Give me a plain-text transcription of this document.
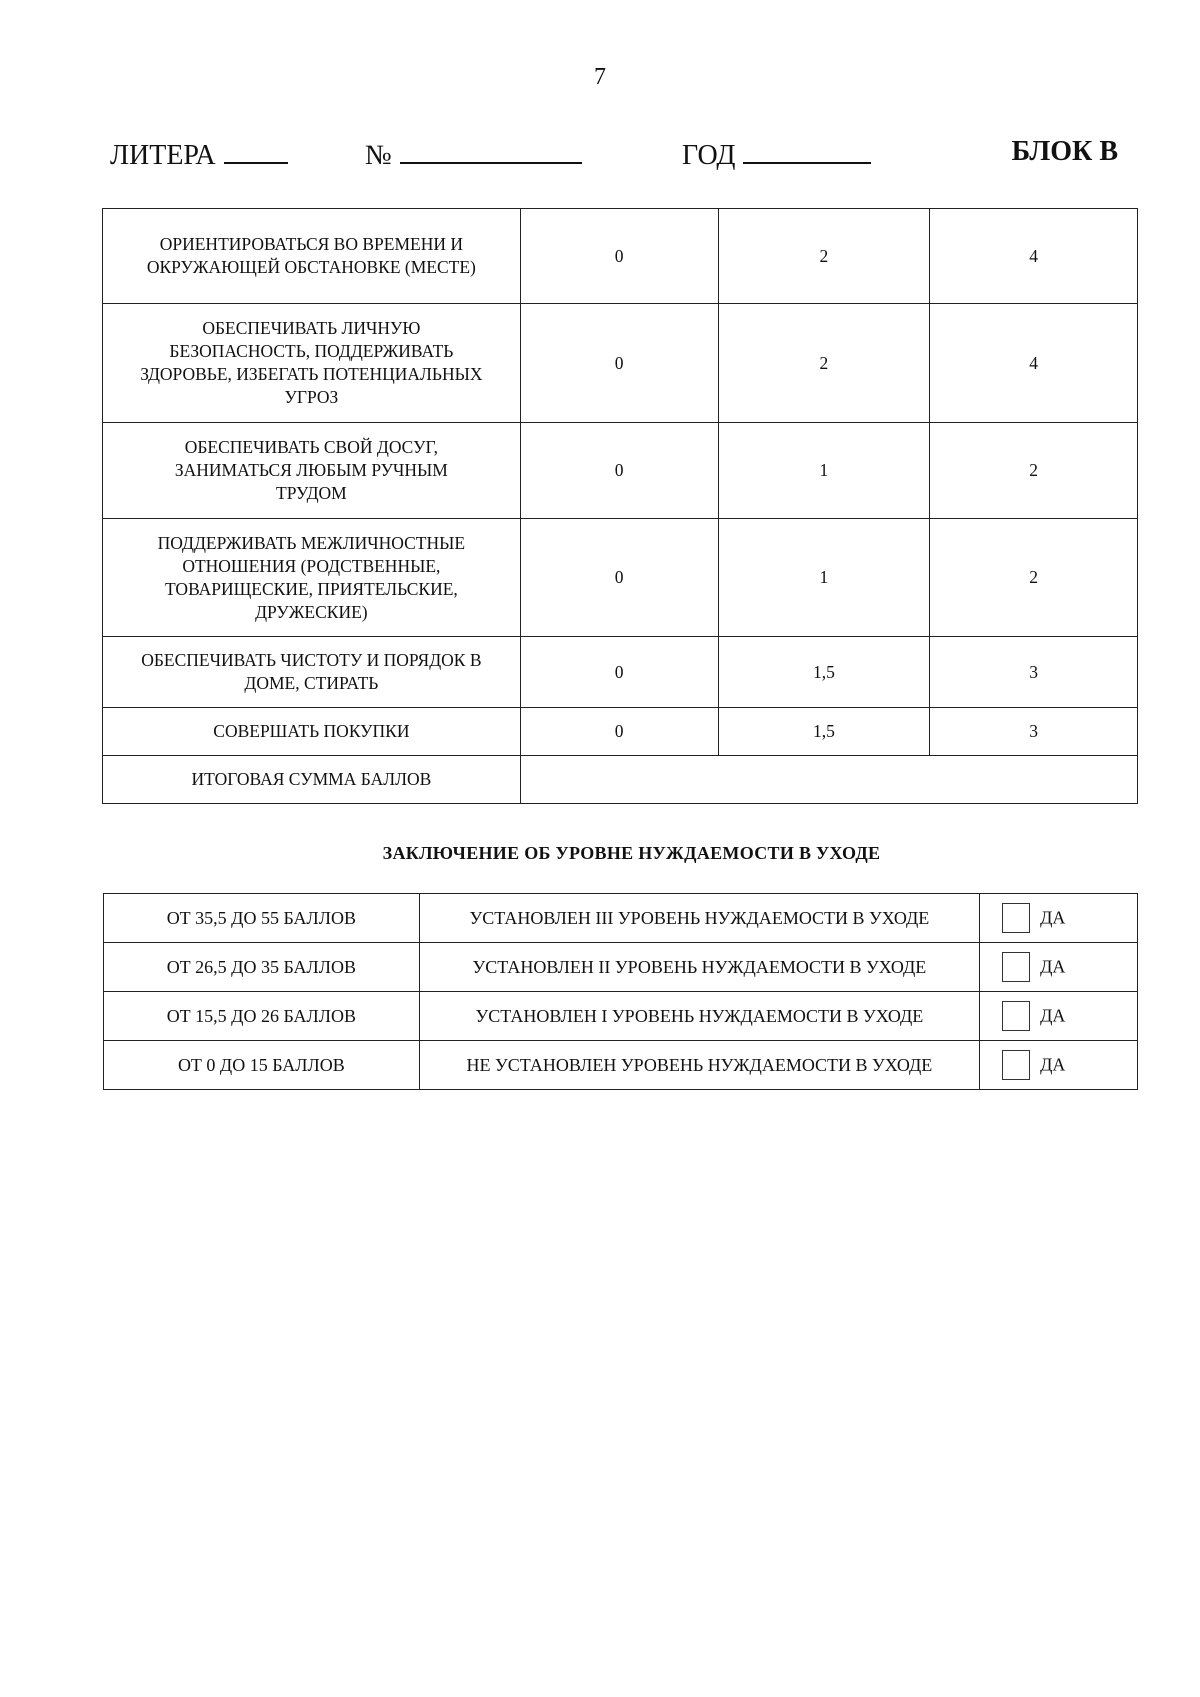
7
ЛИТЕРА	№	ГОД	БЛОК В
ОРИЕНТИРОВАТЬСЯ ВО ВРЕМЕНИ И ОКРУЖАЮЩЕЙ ОБСТАНОВКЕ (МЕСТЕ)	0	2	4
ОБЕСПЕЧИВАТЬ ЛИЧНУЮ БЕЗОПАСНОСТЬ, ПОДДЕРЖИВАТЬ ЗДОРОВЬЕ, ИЗБЕГАТЬ ПОТЕНЦИАЛЬНЫХ УГРОЗ	0	2	4
ОБЕСПЕЧИВАТЬ СВОЙ ДОСУГ, ЗАНИМАТЬСЯ ЛЮБЫМ РУЧНЫМ ТРУДОМ	0	1	2
ПОДДЕРЖИВАТЬ МЕЖЛИЧНОСТНЫЕ ОТНОШЕНИЯ (РОДСТВЕННЫЕ, ТОВАРИЩЕСКИЕ, ПРИЯТЕЛЬСКИЕ, ДРУЖЕСКИЕ)	0	1	2
ОБЕСПЕЧИВАТЬ ЧИСТОТУ И ПОРЯДОК В ДОМЕ, СТИРАТЬ	0	1,5	3
СОВЕРШАТЬ ПОКУПКИ	0	1,5	3
ИТОГОВАЯ СУММА БАЛЛОВ			
ЗАКЛЮЧЕНИЕ ОБ УРОВНЕ НУЖДАЕМОСТИ В УХОДЕ
ОТ 35,5 ДО 55 БАЛЛОВ	УСТАНОВЛЕН III УРОВЕНЬ НУЖДАЕМОСТИ В УХОДЕ	ДА
ОТ 26,5 ДО 35 БАЛЛОВ	УСТАНОВЛЕН II УРОВЕНЬ НУЖДАЕМОСТИ В УХОДЕ	ДА
ОТ 15,5 ДО 26 БАЛЛОВ	УСТАНОВЛЕН I УРОВЕНЬ НУЖДАЕМОСТИ В УХОДЕ	ДА
ОТ 0 ДО 15 БАЛЛОВ	НЕ УСТАНОВЛЕН УРОВЕНЬ НУЖДАЕМОСТИ В УХОДЕ	ДА
